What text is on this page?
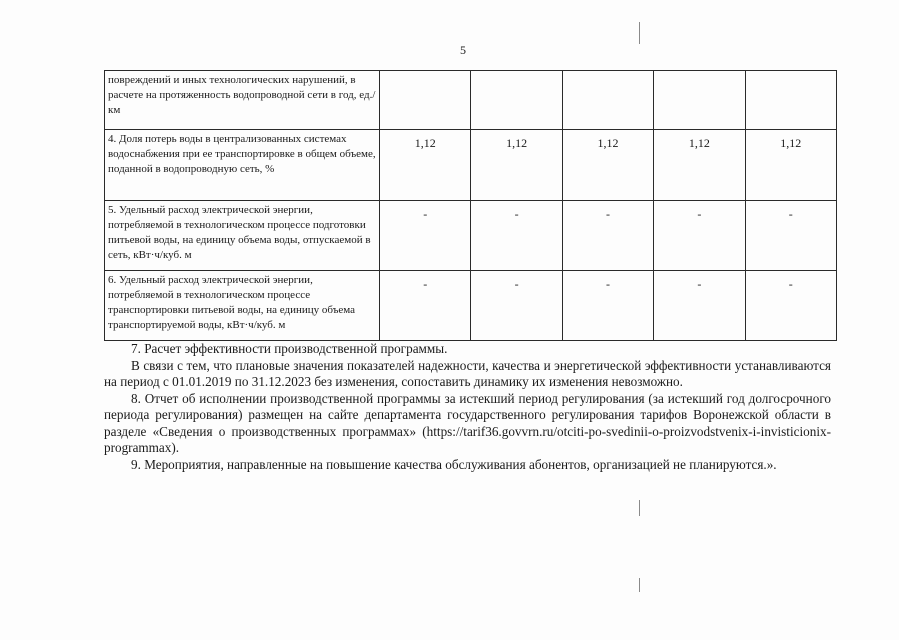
5
повреждений и иных технологических нарушений, в расчете на протяженность водопроводной сети в год, ед./км					
4. Доля потерь воды в централизованных системах водоснабжения при ее транспортировке в общем объеме, поданной в водопроводную сеть, %	1,12	1,12	1,12	1,12	1,12
5. Удельный расход электрической энергии, потребляемой в технологическом процессе подготовки питьевой воды, на единицу объема воды, отпускаемой в сеть, кВт·ч/куб. м	-	-	-	-	-
6. Удельный расход электрической энергии, потребляемой в технологическом процессе транспортировки питьевой воды, на единицу объема транспортируемой воды, кВт·ч/куб. м	-	-	-	-	-

7. Расчет эффективности производственной программы.

В связи с тем, что плановые значения показателей надежности, качества и энергетической эффективности устанавливаются на период с 01.01.2019 по 31.12.2023 без изменения, сопоставить динамику их изменения невозможно.

8. Отчет об исполнении производственной программы за истекший период регулирования (за истекший год долгосрочного периода регулирования) размещен на сайте департамента государственного регулирования тарифов Воронежской области в разделе «Сведения о производственных программах» (https://tarif36.govvrn.ru/otciti-po-svedinii-o-proizvodstvenix-i-invisticionix-programmax).

9. Мероприятия, направленные на повышение качества обслуживания абонентов, организацией не планируются.».
